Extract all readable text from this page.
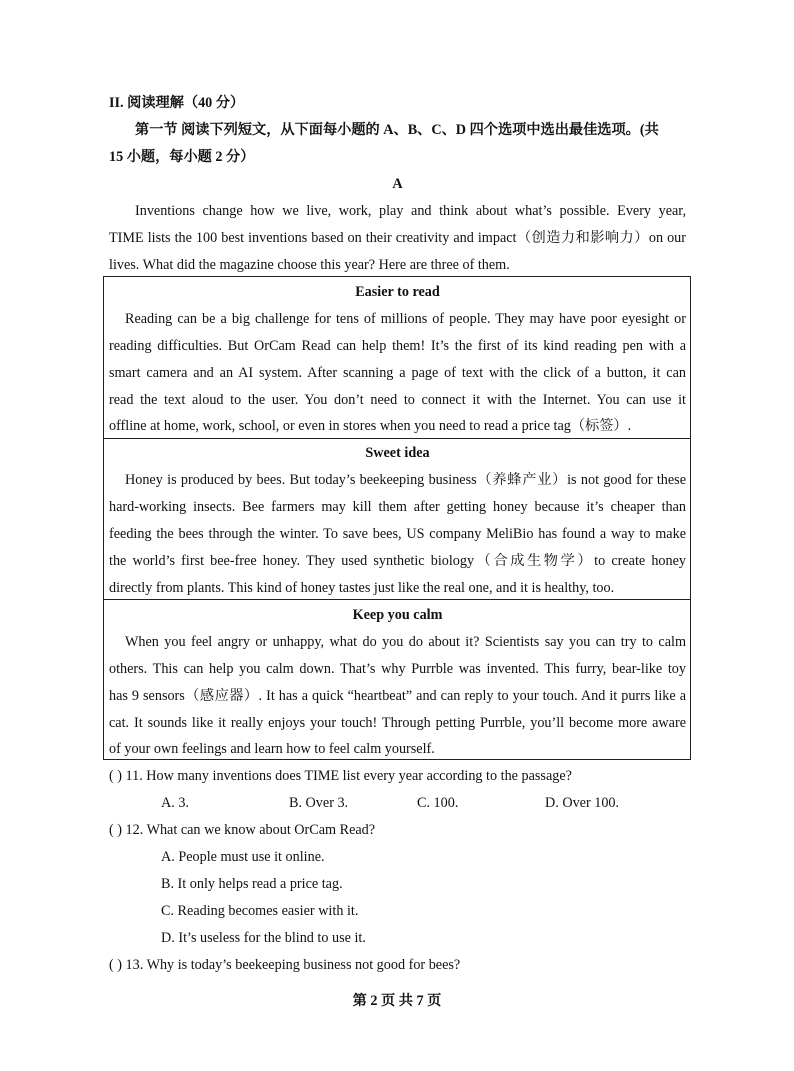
II. 阅读理解（40 分）
第一节 阅读下列短文，从下面每小题的 A、B、C、D 四个选项中选出最佳选项。(共
15 小题，每小题 2 分）
A
Inventions change how we live, work, play and think about what’s possible. Every year,
TIME lists the 100 best inventions based on their creativity and impact（创造力和影响力）on our
lives. What did the magazine choose this year? Here are three of them.
Easier to read
Reading can be a big challenge for tens of millions of people. They may have poor eyesight or
reading difficulties. But OrCam Read can help them! It’s the first of its kind reading pen with a
smart camera and an AI system. After scanning a page of text with the click of a button, it can
read the text aloud to the user. You don’t need to connect it with the Internet. You can use it
offline at home, work, school, or even in stores when you need to read a price tag（标签）.
Sweet idea
Honey is produced by bees. But today’s beekeeping business（养蜂产业）is not good for these
hard-working insects. Bee farmers may kill them after getting honey because it’s cheaper than
feeding the bees through the winter. To save bees, US company MeliBio has found a way to make
the world’s first bee-free honey. They used synthetic biology（合成生物学）to create honey
directly from plants. This kind of honey tastes just like the real one, and it is healthy, too.
Keep you calm
When you feel angry or unhappy, what do you do about it? Scientists say you can try to calm
others. This can help you calm down. That’s why Purrble was invented. This furry, bear-like toy
has 9 sensors（感应器）. It has a quick “heartbeat” and can reply to your touch. And it purrs like a
cat. It sounds like it really enjoys your touch! Through petting Purrble, you’ll become more aware
of your own feelings and learn how to feel calm yourself.
( ) 11. How many inventions does TIME list every year according to the passage?
A. 3.	B. Over 3.	C. 100.	D. Over 100.
( ) 12. What can we know about OrCam Read?
A. People must use it online.
B. It only helps read a price tag.
C. Reading becomes easier with it.
D. It’s useless for the blind to use it.
( ) 13. Why is today’s beekeeping business not good for bees?
第 2 页 共 7 页
